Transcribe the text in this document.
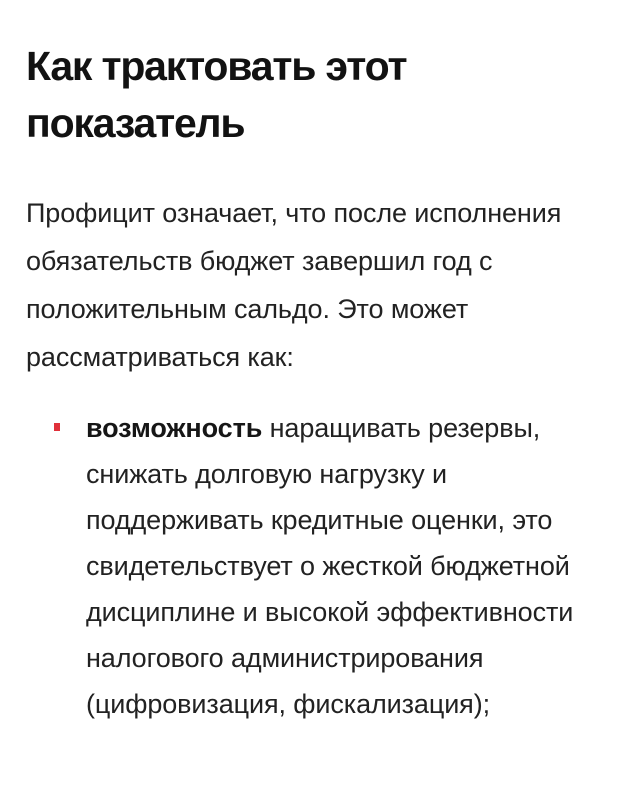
Как трактовать этот показатель

Профицит означает, что после исполнения обязательств бюджет завершил год с положительным сальдо. Это может рассматриваться как:

возможность наращивать резервы, снижать долговую нагрузку и поддерживать кредитные оценки, это свидетельствует о жесткой бюджетной дисциплине и высокой эффективности налогового администрирования (цифровизация, фискализация);
